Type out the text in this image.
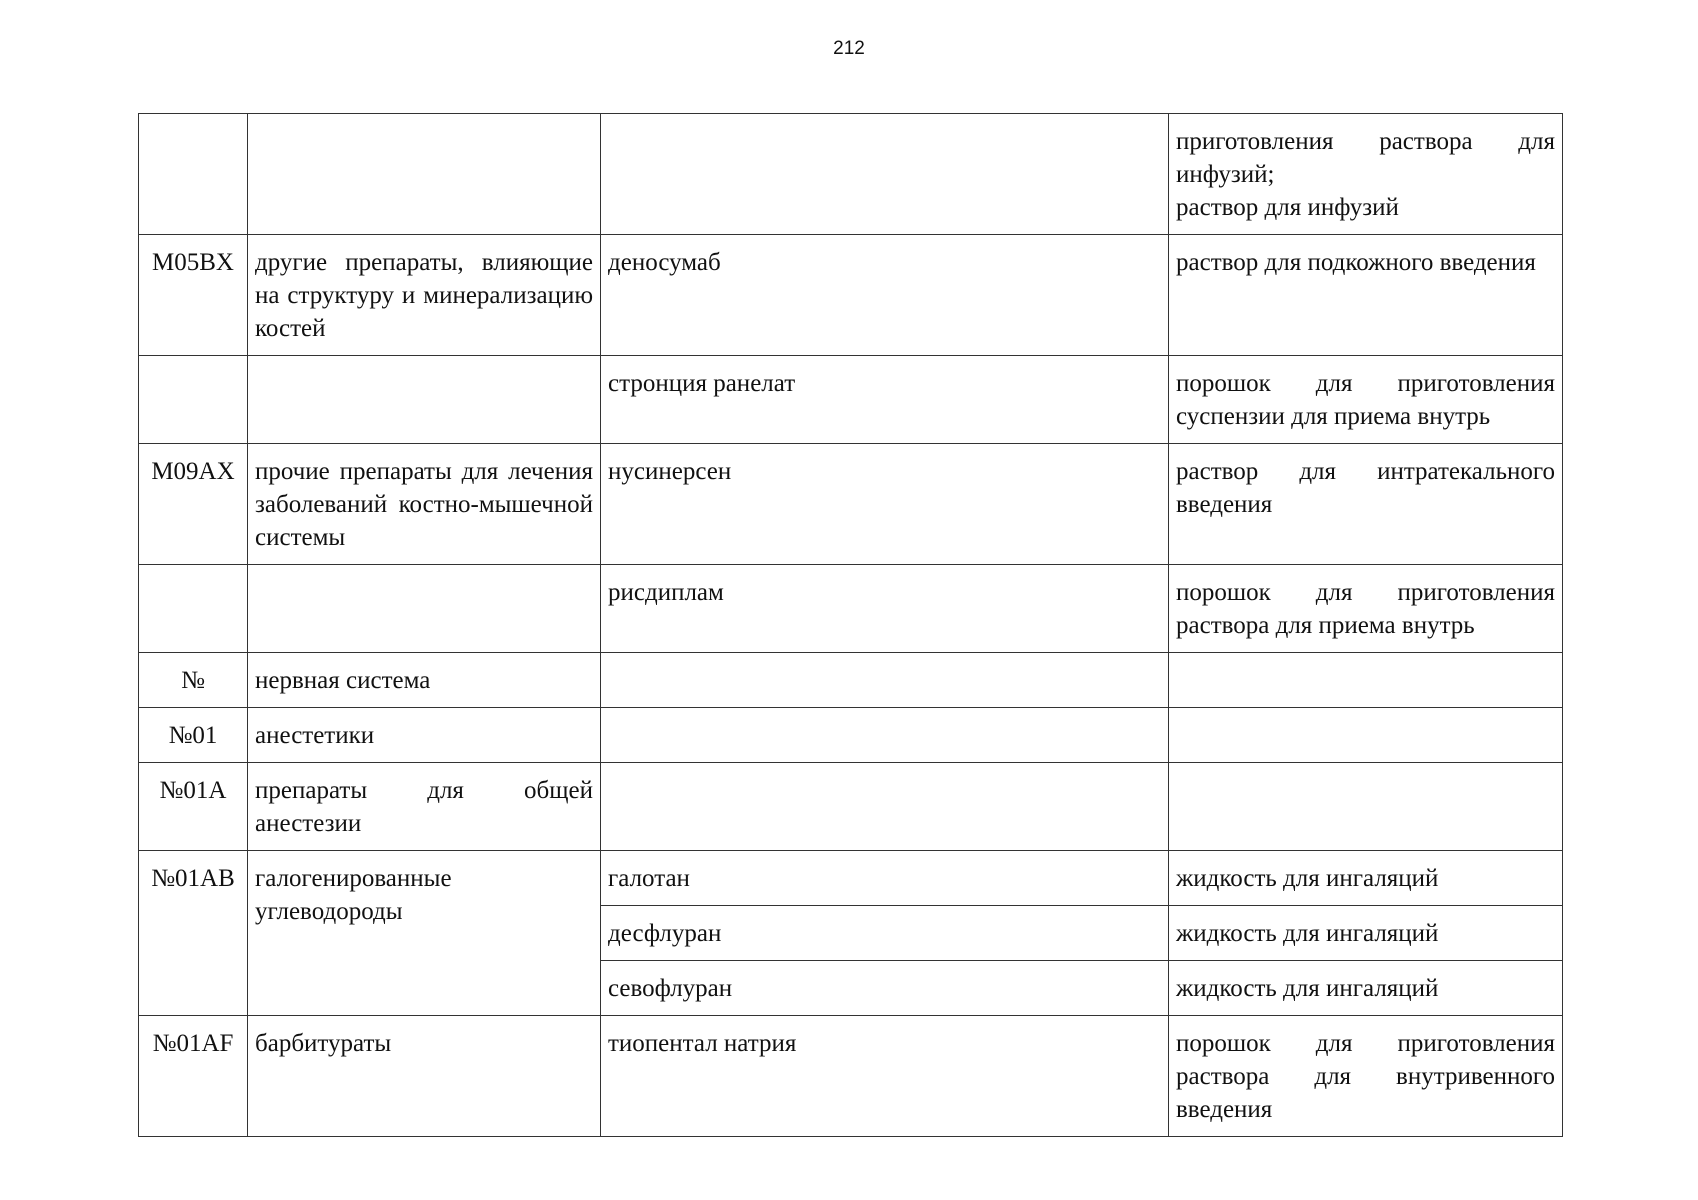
212

			приготовления раствора для инфузий;
раствор для инфузий

M05BX	другие препараты, влияющие на структуру и минерализацию костей	деносумаб	раствор для подкожного введения
		стронция ранелат	порошок для приготовления суспензии для приема внутрь
M09AX	прочие препараты для лечения заболеваний костно-мышечной системы	нусинерсен	раствор для интратекального введения
		рисдиплам	порошок для приготовления раствора для приема внутрь
№	нервная система		
№01	анестетики		
№01A	препараты для общей анестезии		
№01AB	галогенированные углеводороды	галотан	жидкость для ингаляций
		десфлуран	жидкость для ингаляций
		севофлуран	жидкость для ингаляций
№01AF	барбитураты	тиопентал натрия	порошок для приготовления раствора для внутривенного введения
